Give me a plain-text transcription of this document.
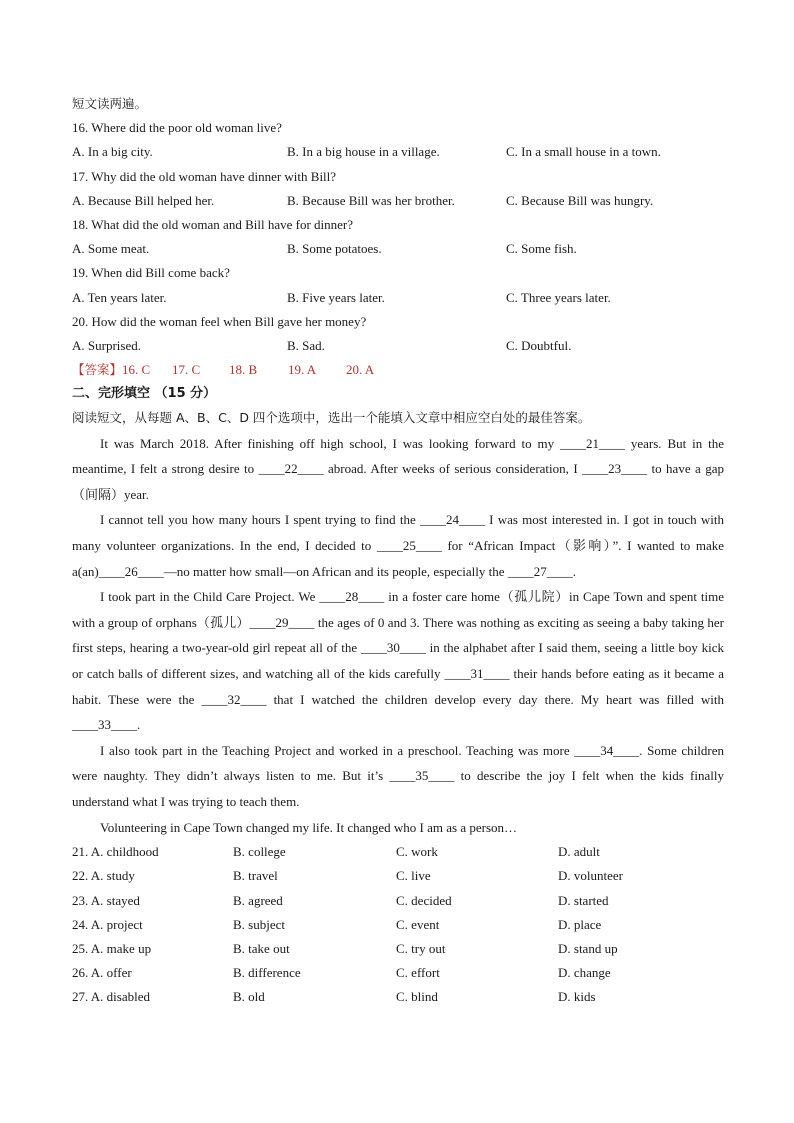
短文读两遍。
16. Where did the poor old woman live?
A. In a big city.	B. In a big house in a village.	C. In a small house in a town.
17. Why did the old woman have dinner with Bill?
A. Because Bill helped her.	B. Because Bill was her brother.	C. Because Bill was hungry.
18. What did the old woman and Bill have for dinner?
A. Some meat.	B. Some potatoes.	C. Some fish.
19. When did Bill come back?
A. Ten years later.	B. Five years later.	C. Three years later.
20. How did the woman feel when Bill gave her money?
A. Surprised.	B. Sad.	C. Doubtful.
【答案】16. C 17. C 18. B 19. A 20. A
二、完形填空 （15 分）
阅读短文，从每题 A、B、C、D 四个选项中，选出一个能填入文章中相应空白处的最佳答案。

It was March 2018. After finishing off high school, I was looking forward to my ____21____ years. But in the meantime, I felt a strong desire to ____22____ abroad. After weeks of serious consideration, I ____23____ to have a gap（间隔）year.

I cannot tell you how many hours I spent trying to find the ____24____ I was most interested in. I got in touch with many volunteer organizations. In the end, I decided to ____25____ for “African Impact（影响）”. I wanted to make a(an)____26____—no matter how small—on African and its people, especially the ____27____.

I took part in the Child Care Project. We ____28____ in a foster care home（孤儿院）in Cape Town and spent time with a group of orphans（孤儿）____29____ the ages of 0 and 3. There was nothing as exciting as seeing a baby taking her first steps, hearing a two-year-old girl repeat all of the ____30____ in the alphabet after I said them, seeing a little boy kick or catch balls of different sizes, and watching all of the kids carefully ____31____ their hands before eating as it became a habit. These were the ____32____ that I watched the children develop every day there. My heart was filled with ____33____.

I also took part in the Teaching Project and worked in a preschool. Teaching was more ____34____. Some children were naughty. They didn’t always listen to me. But it’s ____35____ to describe the joy I felt when the kids finally understand what I was trying to teach them.

Volunteering in Cape Town changed my life. It changed who I am as a person…

21. A. childhood	B. college	C. work	D. adult
22. A. study	B. travel	C. live	D. volunteer
23. A. stayed	B. agreed	C. decided	D. started
24. A. project	B. subject	C. event	D. place
25. A. make up	B. take out	C. try out	D. stand up
26. A. offer	B. difference	C. effort	D. change
27. A. disabled	B. old	C. blind	D. kids
